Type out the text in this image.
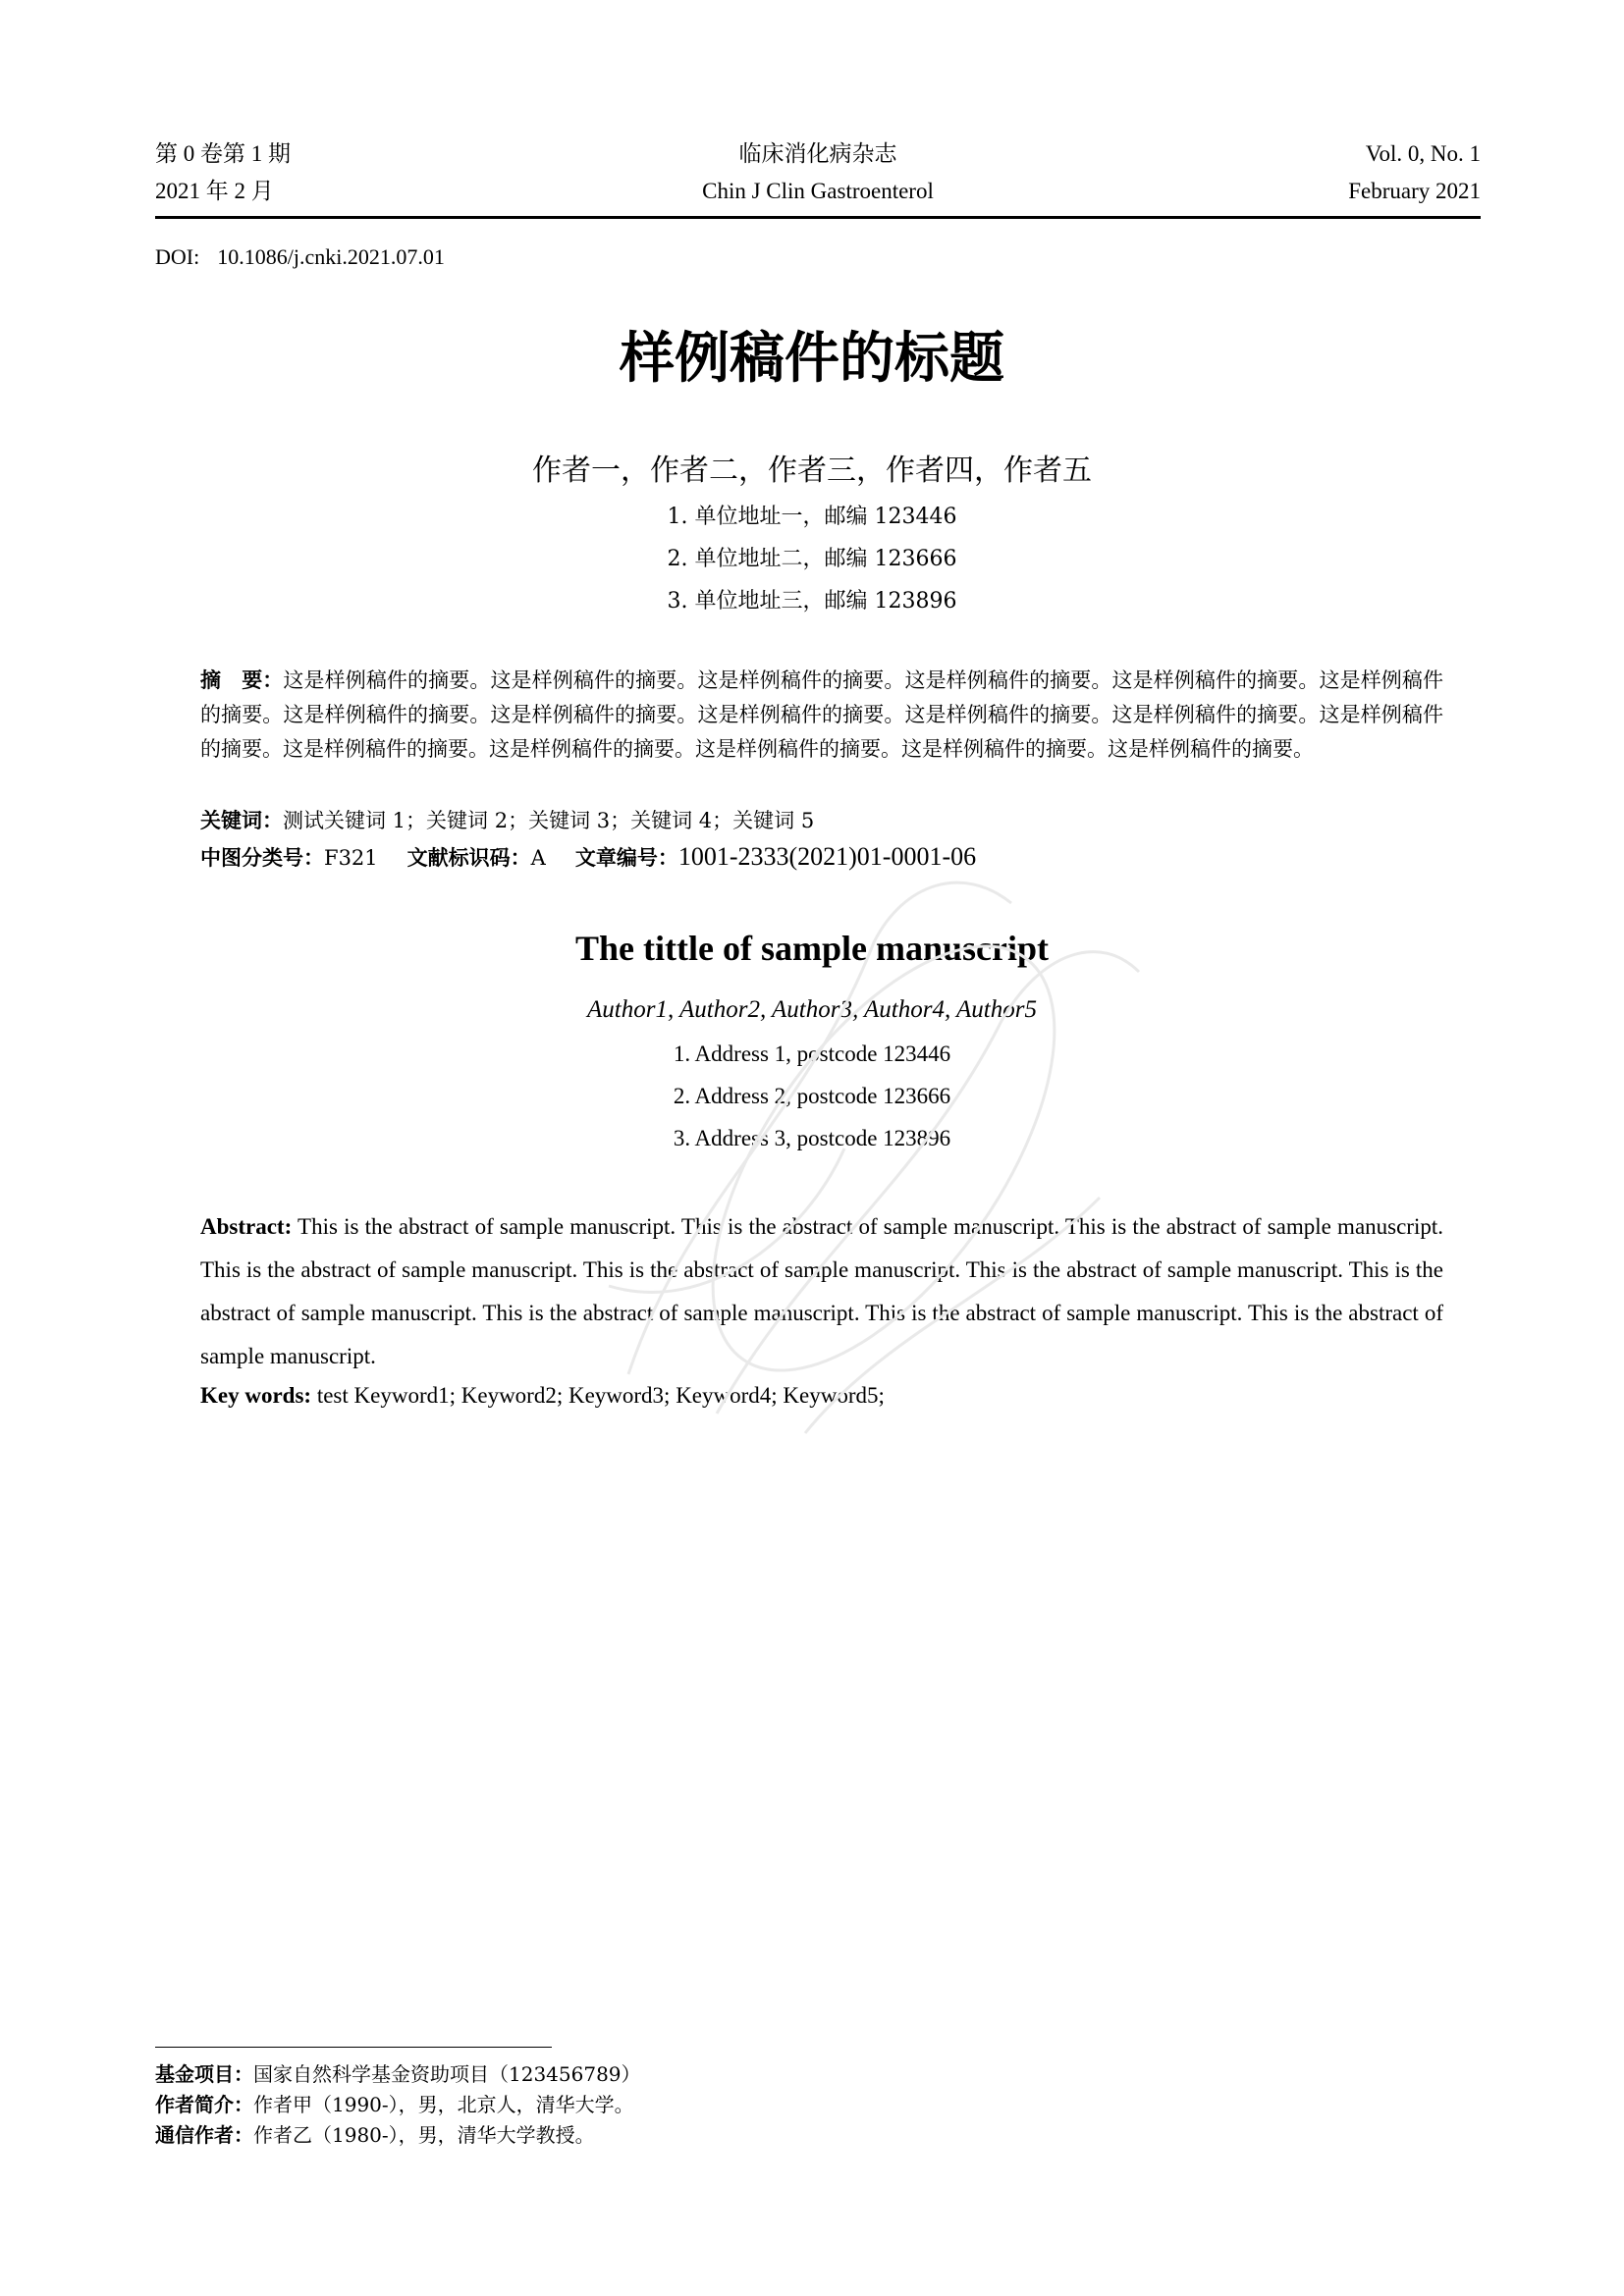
第 0 卷第 1 期	临床消化病杂志	Vol. 0, No. 1
2021 年 2 月	Chin J Clin Gastroenterol	February 2021
DOI: 10.1086/j.cnki.2021.07.01
样例稿件的标题
作者一，作者二，作者三，作者四，作者五
1. 单位地址一，邮编 123446
2. 单位地址二，邮编 123666
3. 单位地址三，邮编 123896
摘　要：这是样例稿件的摘要。这是样例稿件的摘要。这是样例稿件的摘要。这是样例稿件的摘要。这是样例稿件的摘要。这是样例稿件的摘要。这是样例稿件的摘要。这是样例稿件的摘要。这是样例稿件的摘要。这是样例稿件的摘要。这是样例稿件的摘要。这是样例稿件的摘要。这是样例稿件的摘要。这是样例稿件的摘要。这是样例稿件的摘要。这是样例稿件的摘要。这是样例稿件的摘要。
关键词：测试关键词 1；关键词 2；关键词 3；关键词 4；关键词 5
中图分类号：F321 文献标识码：A 文章编号：1001-2333(2021)01-0001-06
The tittle of sample manuscript
Author1, Author2, Author3, Author4, Author5
1. Address 1, postcode 123446
2. Address 2, postcode 123666
3. Address 3, postcode 123896
Abstract: This is the abstract of sample manuscript. This is the abstract of sample manuscript. This is the abstract of sample manuscript. This is the abstract of sample manuscript. This is the abstract of sample manuscript. This is the abstract of sample manuscript. This is the abstract of sample manuscript. This is the abstract of sample manuscript. This is the abstract of sample manuscript. This is the abstract of sample manuscript.
Key words: test Keyword1; Keyword2; Keyword3; Keyword4; Keyword5;
基金项目：国家自然科学基金资助项目（123456789）
作者简介：作者甲（1990-），男，北京人，清华大学。
通信作者：作者乙（1980-），男，清华大学教授。
